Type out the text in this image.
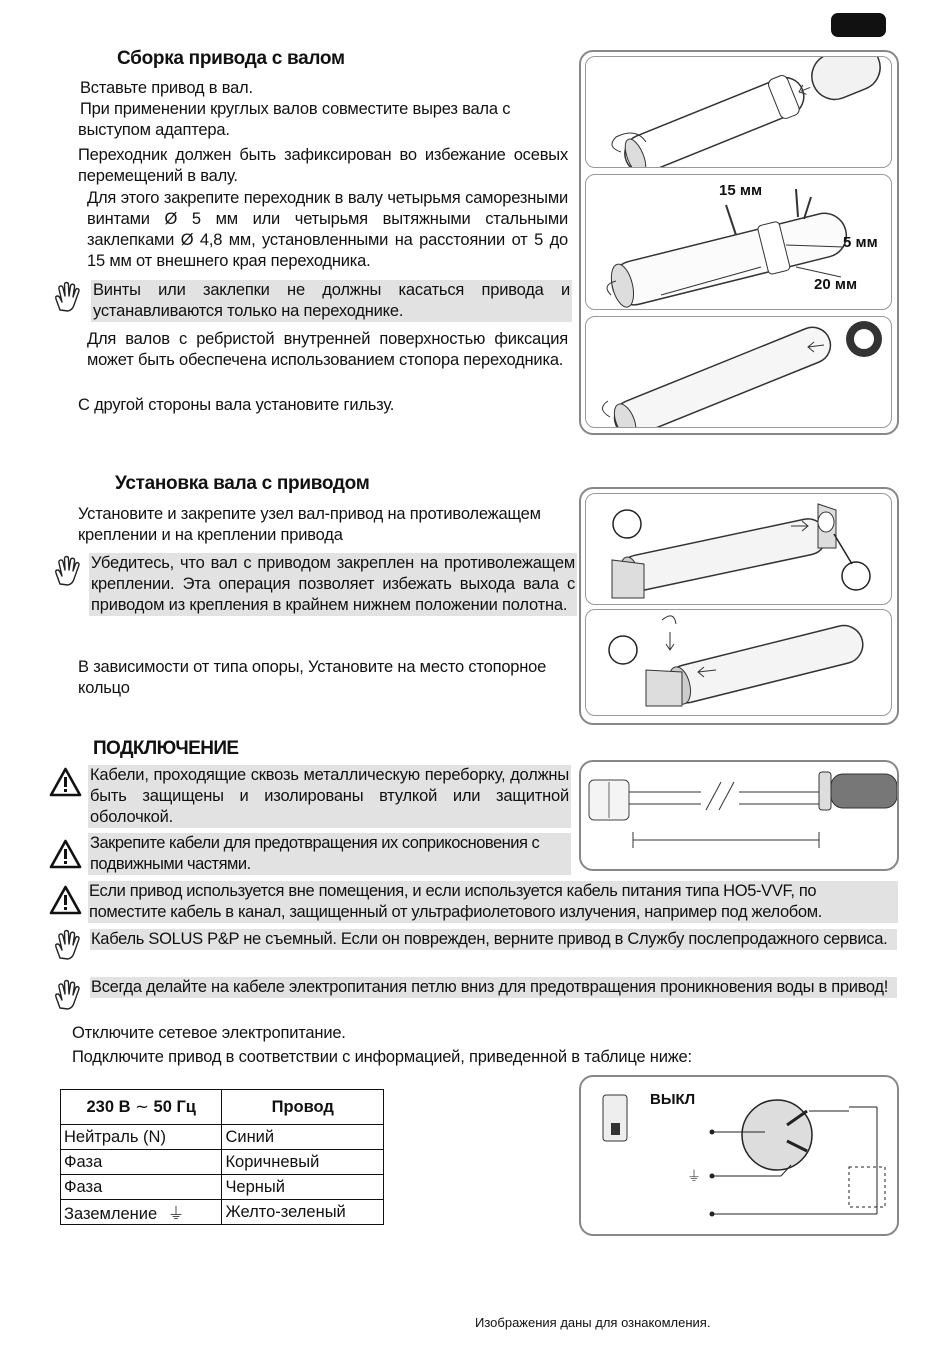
Сборка привода с валом

Вставьте привод в вал.

При применении круглых валов совместите вырез вала с выступом адаптера.

Переходник должен быть зафиксирован во избежание осевых перемещений в валу.

Для этого закрепите переходник в валу четырьмя саморезными винтами Ø 5 мм или четырьмя вытяжными стальными заклепками Ø 4,8 мм, установленными на расстоянии от 5 до 15 мм от внешнего края переходника.

Винты или заклепки не должны касаться привода и устанавливаются только на переходнике.

Для валов с ребристой внутренней поверхностью фиксация может быть обеспечена использованием стопора переходника.

С другой стороны вала установите гильзу.

15 мм
5 мм
20 мм
Установка вала с приводом

Установите и закрепите узел вал-привод на противолежащем креплении и на креплении привода

Убедитесь, что вал с приводом закреплен на противолежащем креплении. Эта операция позволяет избежать выхода вала с приводом из крепления в крайнем нижнем положении полотна.

В зависимости от типа опоры, Установите на место стопорное кольцо

ПОДКЛЮЧЕНИЕ

Кабели, проходящие сквозь металлическую переборку, должны быть защищены и изолированы втулкой или защитной оболочкой.

Закрепите кабели для предотвращения их соприкосновения с подвижными частями.

Если привод используется вне помещения, и если используется кабель питания типа HO5-VVF, по поместите кабель в канал, защищенный от ультрафиолетового излучения, например под желобом.

Кабель SOLUS P&P не съемный. Если он поврежден, верните привод в Службу послепродажного сервиса.

Всегда делайте на кабеле электропитания петлю вниз для предотвращения проникновения воды в привод!

Отключите сетевое электропитание.

Подключите привод в соответствии с информацией, приведенной в таблице ниже:

230 В ∼ 50 Гц	Провод
Нейтраль (N)	Синий
Фаза	Коричневый
Фаза	Черный
Заземление ⏚	Желто-зеленый
ВЫКЛ
⏚
Изображения даны для ознакомления.
